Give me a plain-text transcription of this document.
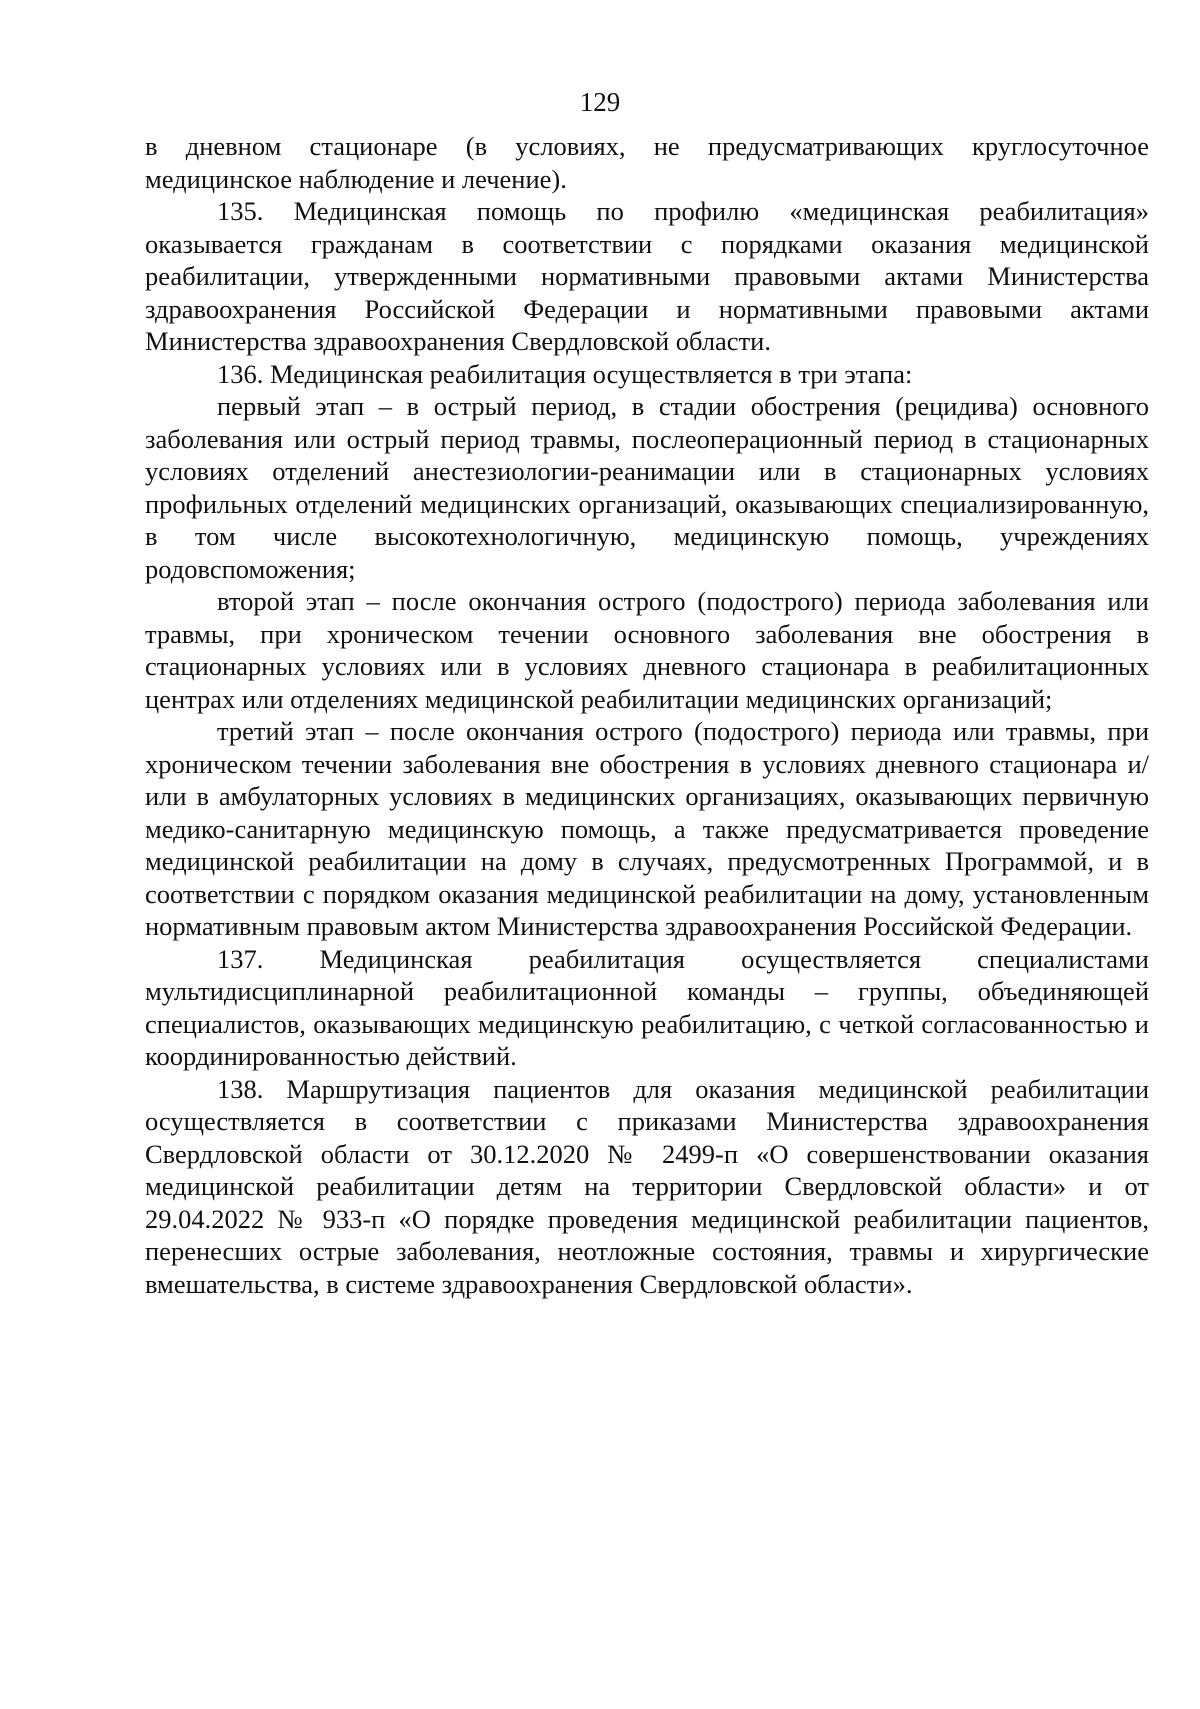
129

в дневном стационаре (в условиях, не предусматривающих круглосуточное медицинское наблюдение и лечение).

135. Медицинская помощь по профилю «медицинская реабилитация» оказывается гражданам в соответствии с порядками оказания медицинской реабилитации, утвержденными нормативными правовыми актами Министерства здравоохранения Российской Федерации и нормативными правовыми актами Министерства здравоохранения Свердловской области.

136. Медицинская реабилитация осуществляется в три этапа:

первый этап – в острый период, в стадии обострения (рецидива) основного заболевания или острый период травмы, послеоперационный период в стационарных условиях отделений анестезиологии-реанимации или в стационарных условиях профильных отделений медицинских организаций, оказывающих специализированную, в том числе высокотехнологичную, медицинскую помощь, учреждениях родовспоможения;

второй этап – после окончания острого (подострого) периода заболевания или травмы, при хроническом течении основного заболевания вне обострения в стационарных условиях или в условиях дневного стационара в реабилитационных центрах или отделениях медицинской реабилитации медицинских организаций;

третий этап – после окончания острого (подострого) периода или травмы, при хроническом течении заболевания вне обострения в условиях дневного стационара и/или в амбулаторных условиях в медицинских организациях, оказывающих первичную медико-санитарную медицинскую помощь, а также предусматривается проведение медицинской реабилитации на дому в случаях, предусмотренных Программой, и в соответствии с порядком оказания медицинской реабилитации на дому, установленным нормативным правовым актом Министерства здравоохранения Российской Федерации.

137. Медицинская реабилитация осуществляется специалистами мультидисциплинарной реабилитационной команды – группы, объединяющей специалистов, оказывающих медицинскую реабилитацию, с четкой согласованностью и координированностью действий.

138. Маршрутизация пациентов для оказания медицинской реабилитации осуществляется в соответствии с приказами Министерства здравоохранения Свердловской области от 30.12.2020 № 2499-п «О совершенствовании оказания медицинской реабилитации детям на территории Свердловской области» и от 29.04.2022 № 933-п «О порядке проведения медицинской реабилитации пациентов, перенесших острые заболевания, неотложные состояния, травмы и хирургические вмешательства, в системе здравоохранения Свердловской области».
